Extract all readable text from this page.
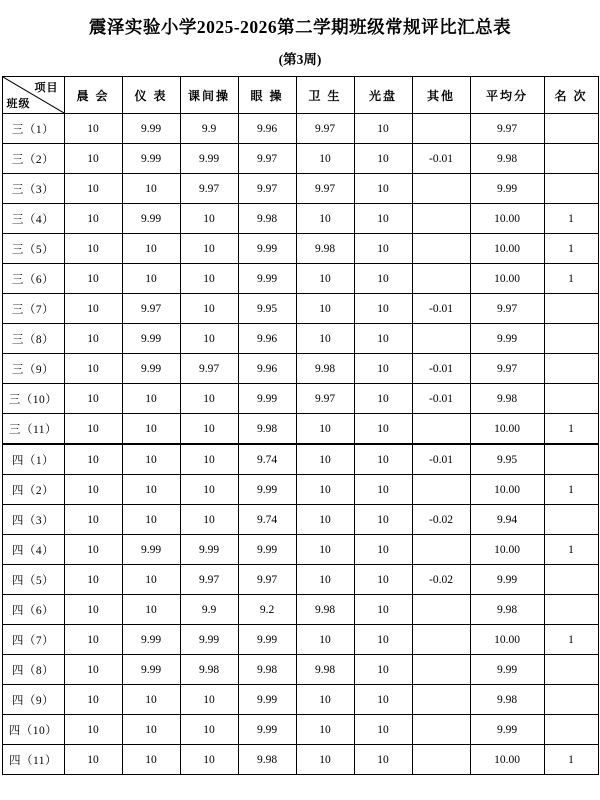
震泽实验小学2025-2026第二学期班级常规评比汇总表
(第3周)
项目
班级	晨 会	仪 表	课间操	眼 操	卫 生	光盘	其他	平均分	名 次
三（1）	10	9.99	9.9	9.96	9.97	10		9.97	
三（2）	10	9.99	9.99	9.97	10	10	-0.01	9.98	
三（3）	10	10	9.97	9.97	9.97	10		9.99	
三（4）	10	9.99	10	9.98	10	10		10.00	1
三（5）	10	10	10	9.99	9.98	10		10.00	1
三（6）	10	10	10	9.99	10	10		10.00	1
三（7）	10	9.97	10	9.95	10	10	-0.01	9.97	
三（8）	10	9.99	10	9.96	10	10		9.99	
三（9）	10	9.99	9.97	9.96	9.98	10	-0.01	9.97	
三（10）	10	10	10	9.99	9.97	10	-0.01	9.98	
三（11）	10	10	10	9.98	10	10		10.00	1
四（1）	10	10	10	9.74	10	10	-0.01	9.95	
四（2）	10	10	10	9.99	10	10		10.00	1
四（3）	10	10	10	9.74	10	10	-0.02	9.94	
四（4）	10	9.99	9.99	9.99	10	10		10.00	1
四（5）	10	10	9.97	9.97	10	10	-0.02	9.99	
四（6）	10	10	9.9	9.2	9.98	10		9.98	
四（7）	10	9.99	9.99	9.99	10	10		10.00	1
四（8）	10	9.99	9.98	9.98	9.98	10		9.99	
四（9）	10	10	10	9.99	10	10		9.98	
四（10）	10	10	10	9.99	10	10		9.99	
四（11）	10	10	10	9.98	10	10		10.00	1
